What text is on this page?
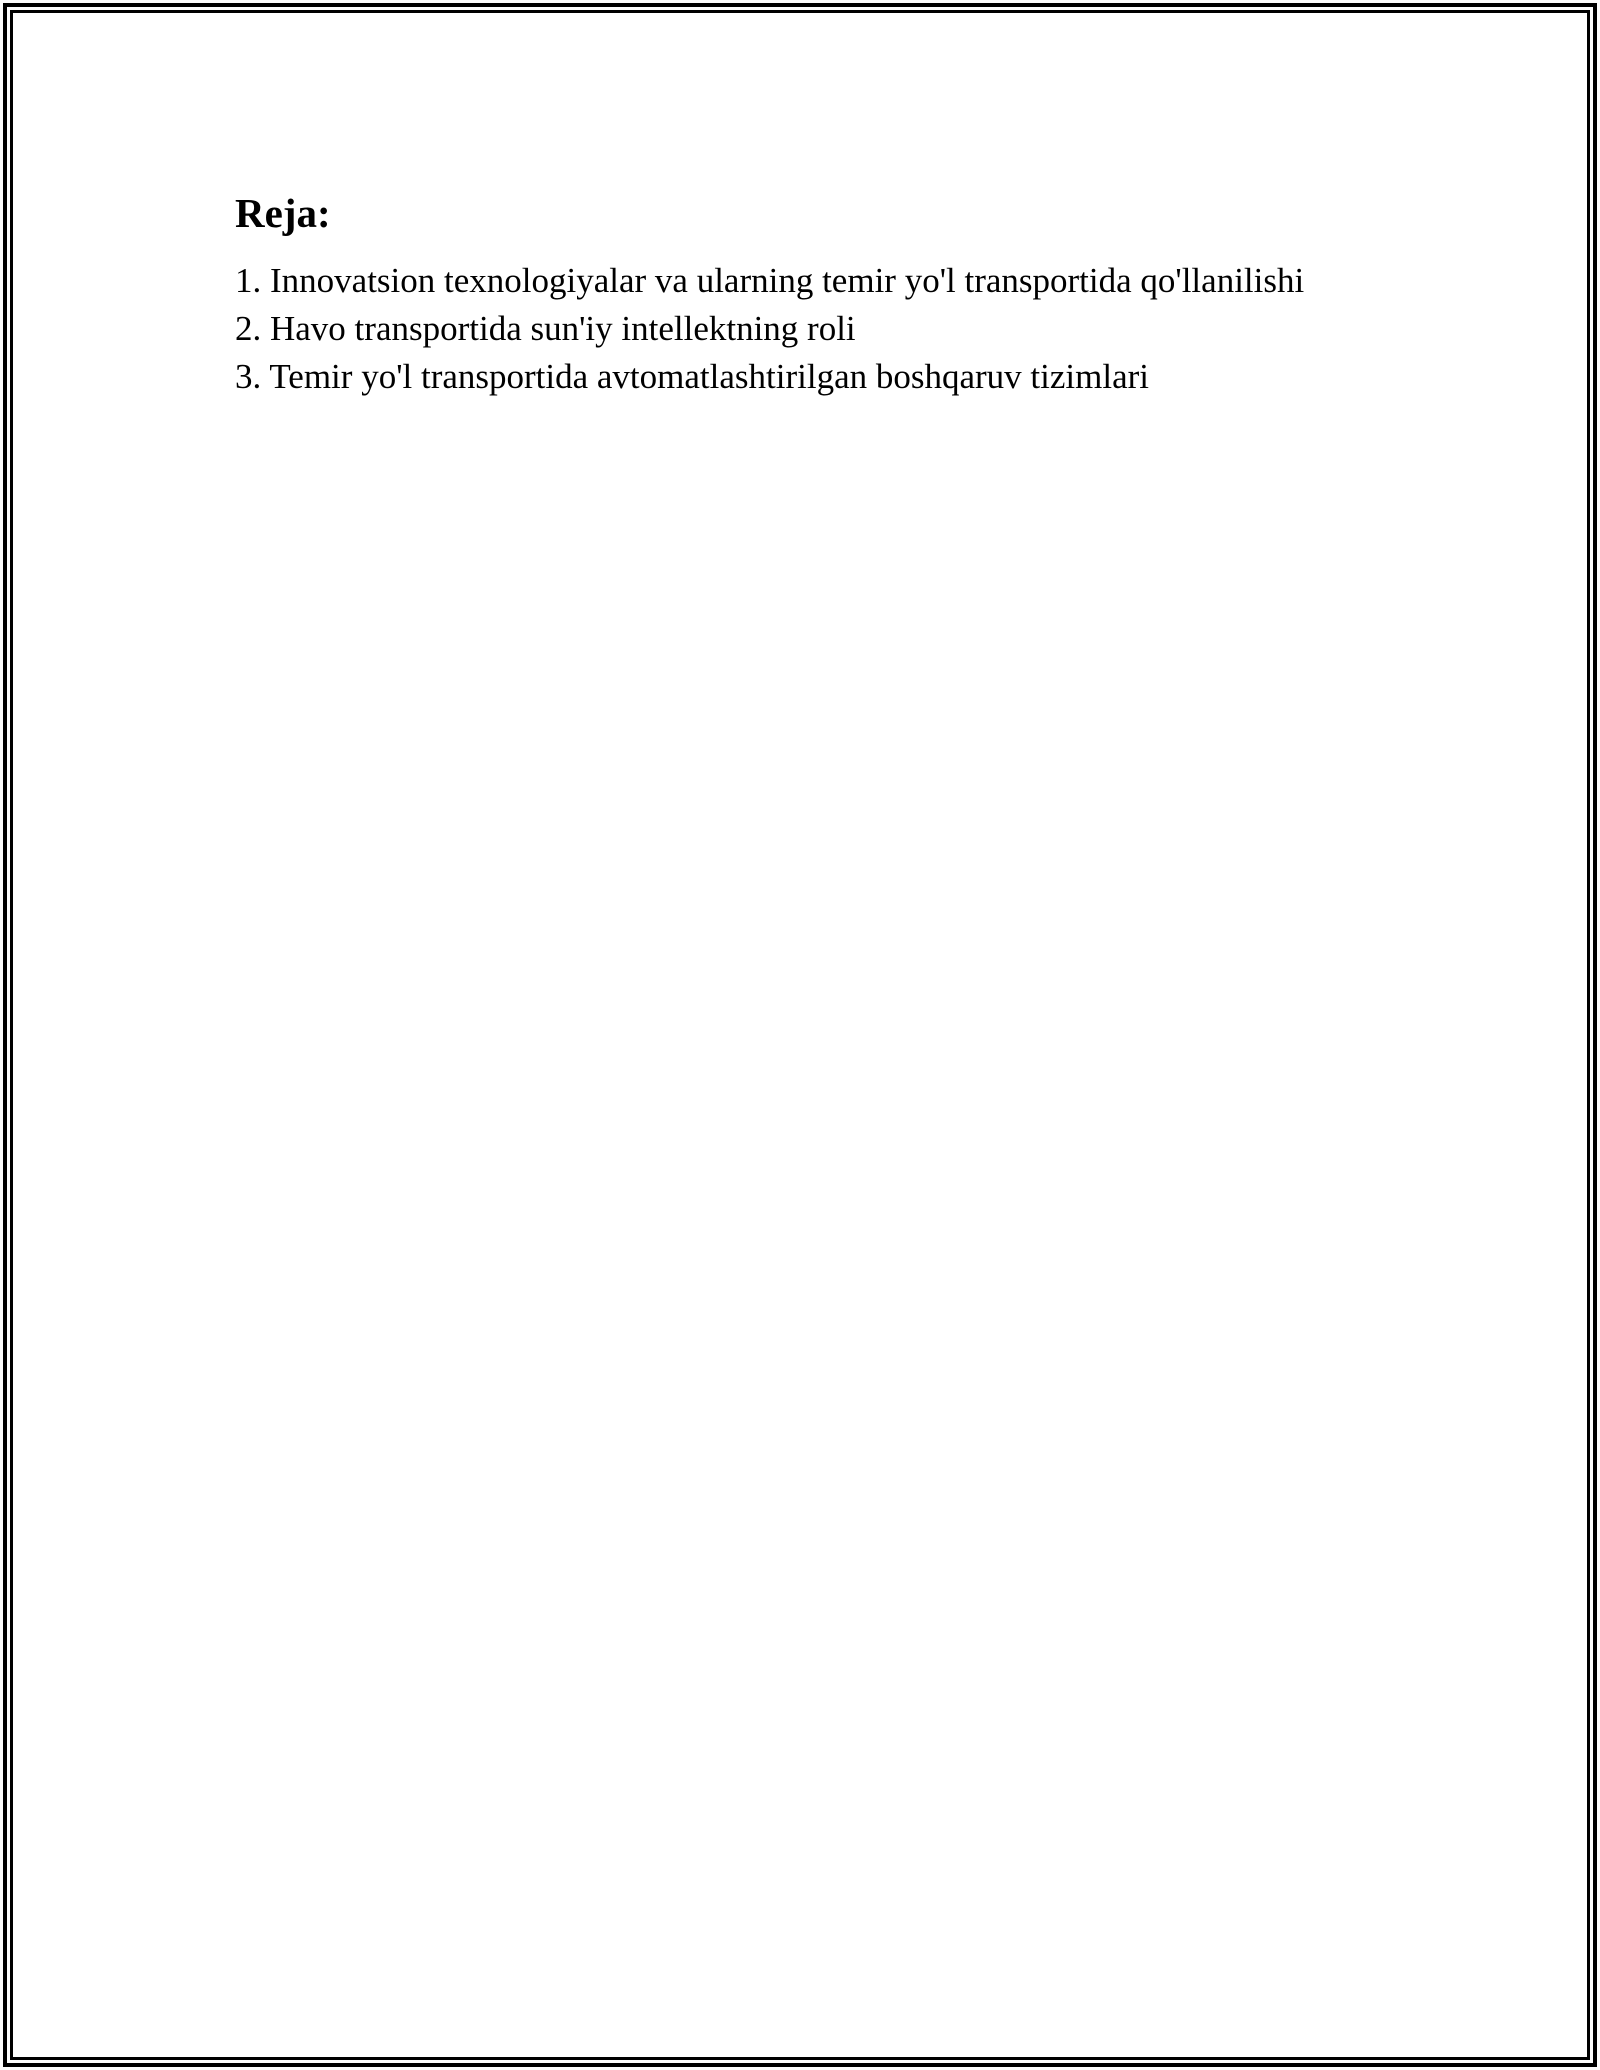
Reja:
1. Innovatsion texnologiyalar va ularning temir yo'l transportida qo'llanilishi
2. Havo transportida sun'iy intellektning roli
3. Temir yo'l transportida avtomatlashtirilgan boshqaruv tizimlari
